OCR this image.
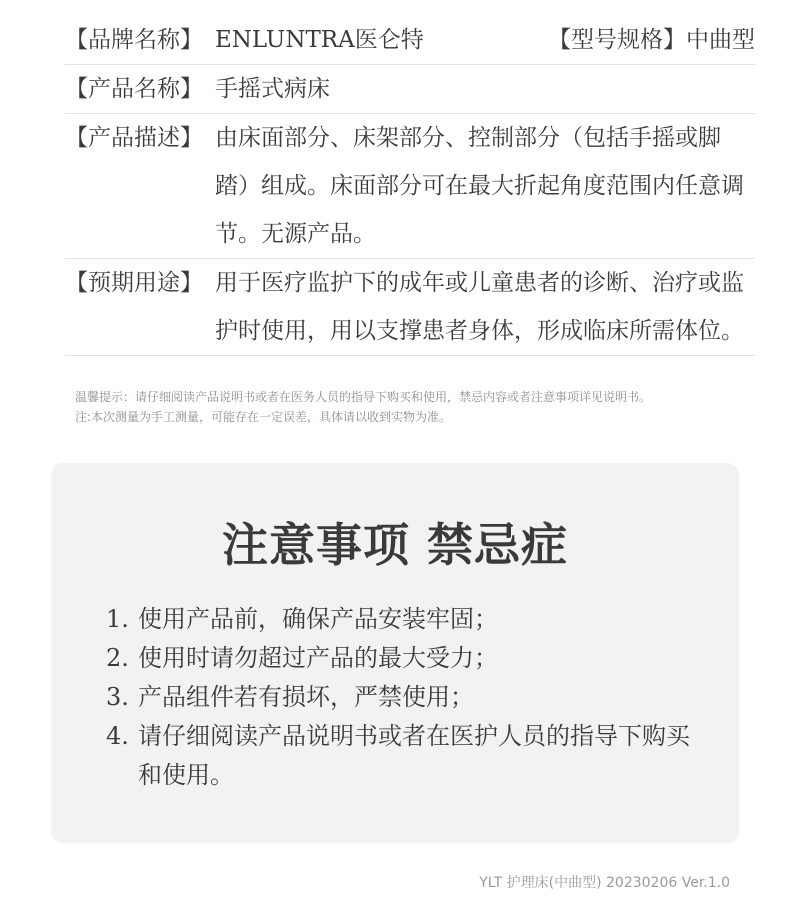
【品牌名称】 ENLUNTRA医仑特	【型号规格】中曲型
【产品名称】 手摇式病床
【产品描述】 由床面部分、床架部分、控制部分（包括手摇或脚踏）组成。床面部分可在最大折起角度范围内任意调节。无源产品。
【预期用途】 用于医疗监护下的成年或儿童患者的诊断、治疗或监护时使用，用以支撑患者身体，形成临床所需体位。
温馨提示：请仔细阅读产品说明书或者在医务人员的指导下购买和使用，禁忌内容或者注意事项详见说明书。
注:本次测量为手工测量，可能存在一定误差，具体请以收到实物为准。
注意事项 禁忌症
1. 使用产品前，确保产品安装牢固；
2. 使用时请勿超过产品的最大受力；
3. 产品组件若有损坏，严禁使用；
4. 请仔细阅读产品说明书或者在医护人员的指导下购买和使用。
YLT 护理床(中曲型) 20230206 Ver.1.0
